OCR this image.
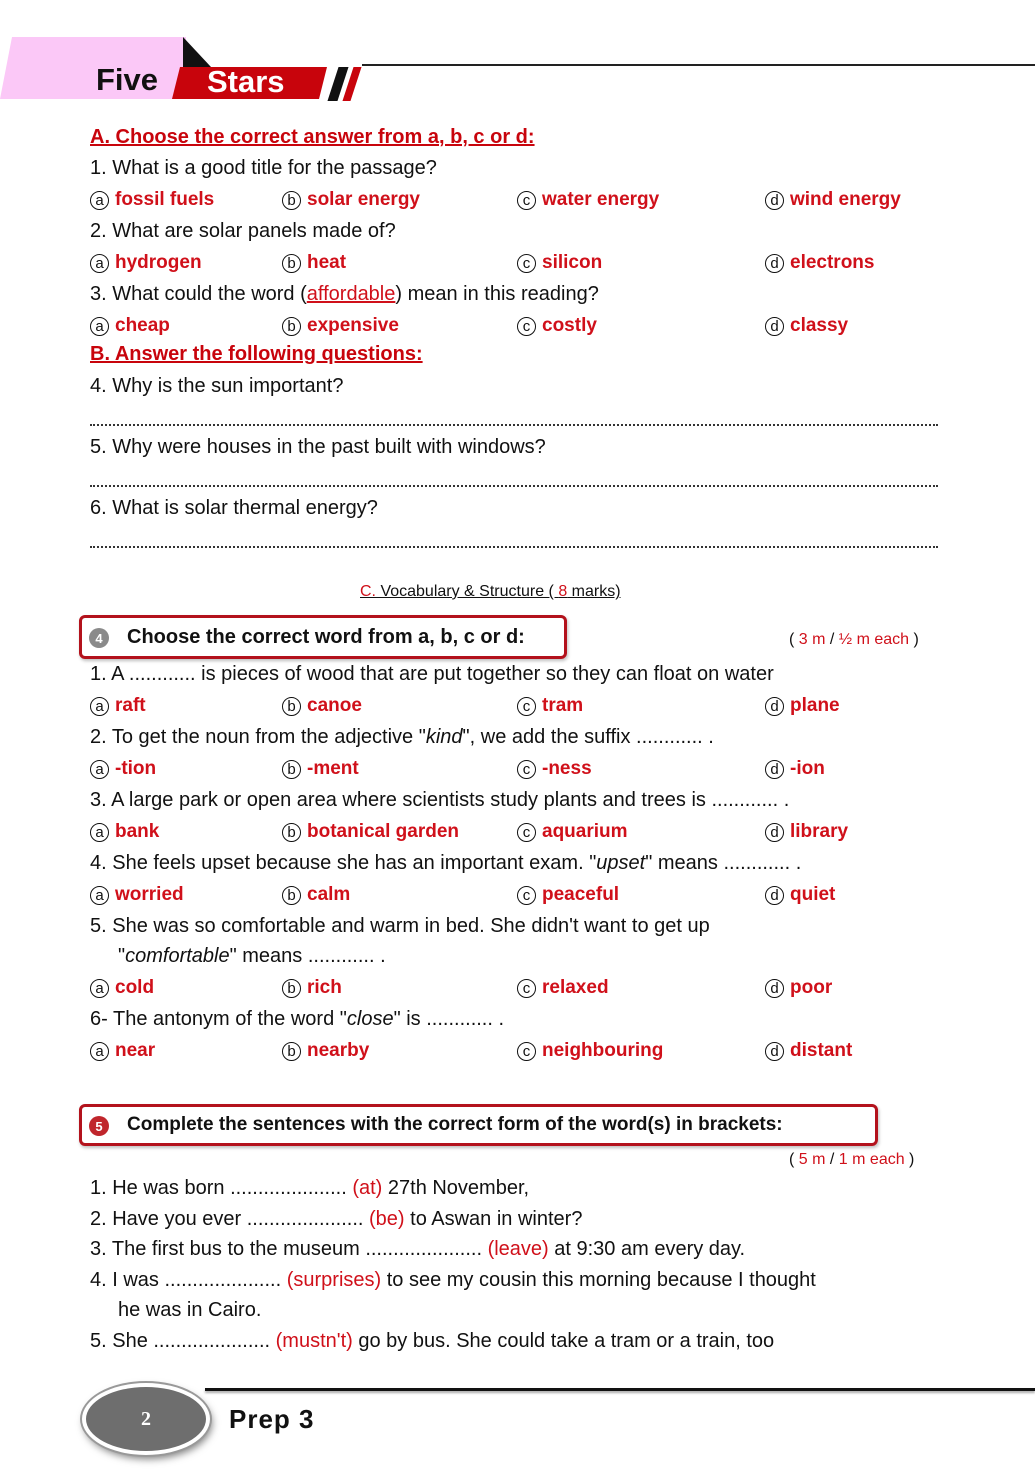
Five Stars
A. Choose the correct answer from a, b, c or d:
1. What is a good title for the passage?
a fossil fuels	b solar energy	c water energy	d wind energy
2. What are solar panels made of?
a hydrogen	b heat	c silicon	d electrons
3. What could the word (affordable) mean in this reading?
a cheap	b expensive	c costly	d classy
B. Answer the following questions:
4. Why is the sun important?
5. Why were houses in the past built with windows?
6. What is solar thermal energy?
C. Vocabulary & Structure ( 8 marks)
4	Choose the correct word from a, b, c or d:	( 3 m / ½ m each )
1. A ............ is pieces of wood that are put together so they can float on water
a raft	b canoe	c tram	d plane
2. To get the noun from the adjective "kind", we add the suffix ............ .
a -tion	b -ment	c -ness	d -ion
3. A large park or open area where scientists study plants and trees is ............ .
a bank	b botanical garden	c aquarium	d library
4. She feels upset because she has an important exam. "upset" means ............ .
a worried	b calm	c peaceful	d quiet
5. She was so comfortable and warm in bed. She didn't want to get up
"comfortable" means ............ .
a cold	b rich	c relaxed	d poor
6- The antonym of the word "close" is ............ .
a near	b nearby	c neighbouring	d distant
5	Complete the sentences with the correct form of the word(s) in brackets:
( 5 m / 1 m each )
1. He was born ..................... (at) 27th November,
2. Have you ever ..................... (be) to Aswan in winter?
3. The first bus to the museum ..................... (leave) at 9:30 am every day.
4. I was ..................... (surprises) to see my cousin this morning because I thought
he was in Cairo.
5. She ..................... (mustn't) go by bus. She could take a tram or a train, too
2	Prep 3
